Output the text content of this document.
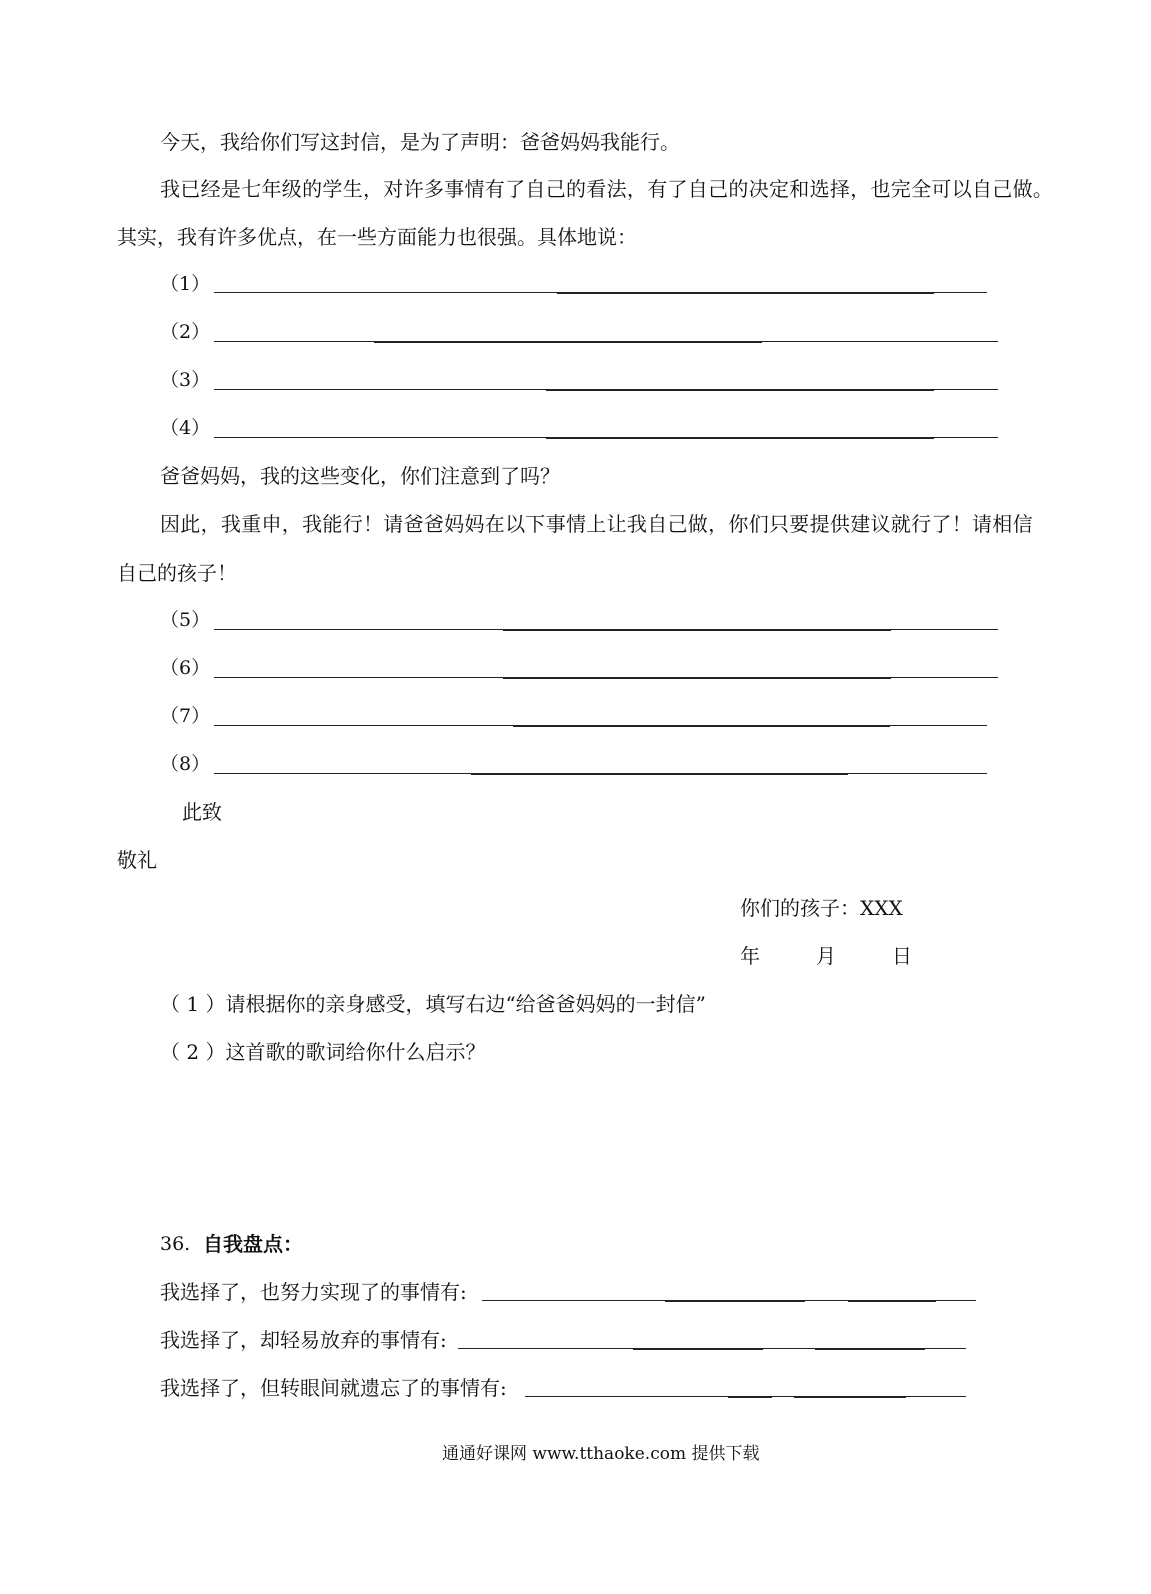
今天，我给你们写这封信，是为了声明：爸爸妈妈我能行。
我已经是七年级的学生，对许多事情有了自己的看法，有了自己的决定和选择，也完全可以自己做。
其实，我有许多优点，在一些方面能力也很强。具体地说：
（1）
（2）
（3）
（4）
爸爸妈妈，我的这些变化，你们注意到了吗？
因此，我重申，我能行！请爸爸妈妈在以下事情上让我自己做，你们只要提供建议就行了！请相信
自己的孩子！
（5）
（6）
（7）
（8）
此致
敬礼
你们的孩子：XXX
年	月	日
（ 1 ）请根据你的亲身感受，填写右边“给爸爸妈妈的一封信”
（ 2 ）这首歌的歌词给你什么启示？
36. 自我盘点：
我选择了，也努力实现了的事情有:
我选择了，却轻易放弃的事情有:
我选择了，但转眼间就遗忘了的事情有:
通通好课网 www.tthaoke.com 提供下载
